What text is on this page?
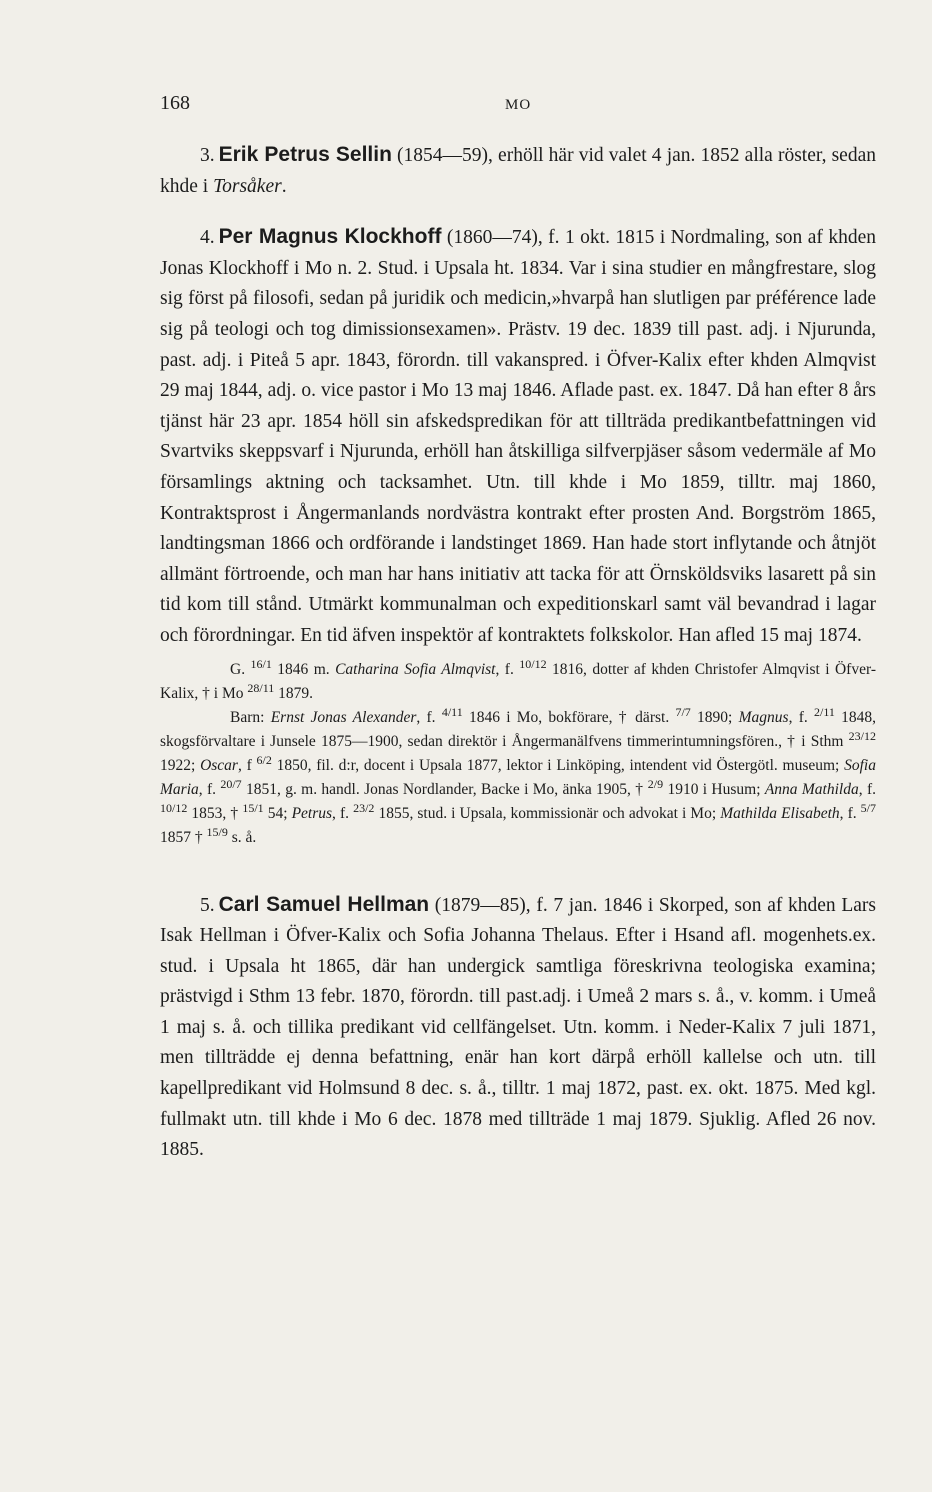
168	MO

3. Erik Petrus Sellin (1854—59), erhöll här vid valet 4 jan. 1852 alla röster, sedan khde i Torsåker.

4. Per Magnus Klockhoff (1860—74), f. 1 okt. 1815 i Nordmaling, son af khden Jonas Klockhoff i Mo n. 2. Stud. i Upsala ht. 1834. Var i sina studier en mångfrestare, slog sig först på filosofi, sedan på juridik och medicin,»hvarpå han slutligen par préférence lade sig på teologi och tog dimissionsexamen». Prästv. 19 dec. 1839 till past. adj. i Njurunda, past. adj. i Piteå 5 apr. 1843, förordn. till vakanspred. i Öfver-Kalix efter khden Almqvist 29 maj 1844, adj. o. vice pastor i Mo 13 maj 1846. Aflade past. ex. 1847. Då han efter 8 års tjänst här 23 apr. 1854 höll sin afskedspredikan för att tillträda predikantbefattningen vid Svartviks skeppsvarf i Njurunda, erhöll han åtskilliga silfverpjäser såsom vedermäle af Mo församlings aktning och tacksamhet. Utn. till khde i Mo 1859, tilltr. maj 1860, Kontraktsprost i Ångermanlands nordvästra kontrakt efter prosten And. Borgström 1865, landtingsman 1866 och ordförande i landstinget 1869. Han hade stort inflytande och åtnjöt allmänt förtroende, och man har hans initiativ att tacka för att Örnsköldsviks lasarett på sin tid kom till stånd. Utmärkt kommunalman och expeditionskarl samt väl bevandrad i lagar och förordningar. En tid äfven inspektör af kontraktets folkskolor. Han afled 15 maj 1874.

G. $^{16/1}$ 1846 m. Catharina Sofia Almqvist, f. $^{10/12}$ 1816, dotter af khden Christofer Almqvist i Öfver-Kalix, † i Mo $^{28/11}$ 1879.

Barn: Ernst Jonas Alexander, f. $^{4/11}$ 1846 i Mo, bokförare, † därst. $^{7/7}$ 1890; Magnus, f. $^{2/11}$ 1848, skogsförvaltare i Junsele 1875—1900, sedan direktör i Ångermanälfvens timmerintumningsfören., † i Sthm $^{23/12}$ 1922; Oscar, f $^{6/2}$ 1850, fil. d:r, docent i Upsala 1877, lektor i Linköping, intendent vid Östergötl. museum; Sofia Maria, f. $^{20/7}$ 1851, g. m. handl. Jonas Nordlander, Backe i Mo, änka 1905, † $^{2/9}$ 1910 i Husum; Anna Mathilda, f. $^{10/12}$ 1853, † $^{15/1}$ 54; Petrus, f. $^{23/2}$ 1855, stud. i Upsala, kommissionär och advokat i Mo; Mathilda Elisabeth, f. $^{5/7}$ 1857 † $^{15/9}$ s. å.

5. Carl Samuel Hellman (1879—85), f. 7 jan. 1846 i Skorped, son af khden Lars Isak Hellman i Öfver-Kalix och Sofia Johanna Thelaus. Efter i Hsand afl. mogenhets.ex. stud. i Upsala ht 1865, där han undergick samtliga föreskrivna teologiska examina; prästvigd i Sthm 13 febr. 1870, förordn. till past.adj. i Umeå 2 mars s. å., v. komm. i Umeå 1 maj s. å. och tillika predikant vid cellfängelset. Utn. komm. i Neder-Kalix 7 juli 1871, men tillträdde ej denna befattning, enär han kort därpå erhöll kallelse och utn. till kapellpredikant vid Holmsund 8 dec. s. å., tilltr. 1 maj 1872, past. ex. okt. 1875. Med kgl. fullmakt utn. till khde i Mo 6 dec. 1878 med tillträde 1 maj 1879. Sjuklig. Afled 26 nov. 1885.
